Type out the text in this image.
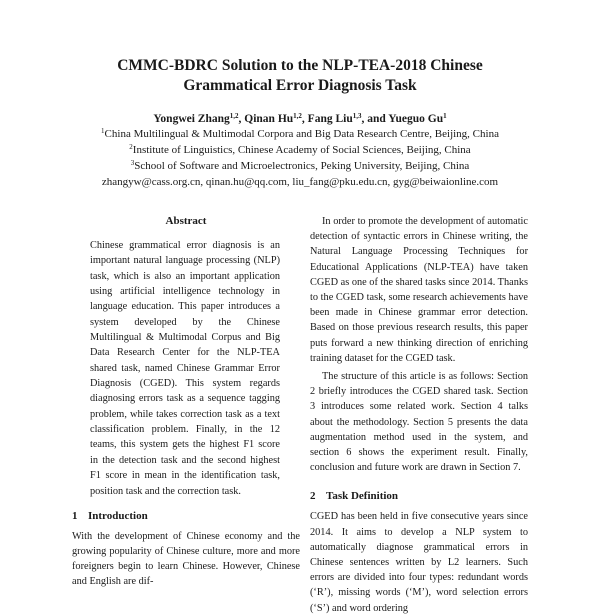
CMMC-BDRC Solution to the NLP-TEA-2018 Chinese
Grammatical Error Diagnosis Task
Yongwei Zhang$^{1,2}$, Qinan Hu$^{1,2}$, Fang Liu$^{1,3}$, and Yueguo Gu$^1$
$^1$China Multilingual & Multimodal Corpora and Big Data Research Centre, Beijing, China
$^2$Institute of Linguistics, Chinese Academy of Social Sciences, Beijing, China
$^3$School of Software and Microelectronics, Peking University, Beijing, China
zhangyw@cass.org.cn, qinan.hu@qq.com, liu_fang@pku.edu.cn, gyg@beiwaionline.com
Abstract

Chinese grammatical error diagnosis is an important natural language processing (NLP) task, which is also an important application using artificial intelligence technology in language education. This paper introduces a system developed by the Chinese Multilingual & Multimodal Corpus and Big Data Research Center for the NLP-TEA shared task, named Chinese Grammar Error Diagnosis (CGED). This system regards diagnosing errors task as a sequence tagging problem, while takes correction task as a text classification problem. Finally, in the 12 teams, this system gets the highest F1 score in the detection task and the second highest F1 score in mean in the identification task, position task and the correction task.

1 Introduction

With the development of Chinese economy and the growing popularity of Chinese culture, more and more foreigners begin to learn Chinese. However, Chinese and English are dif-

In order to promote the development of automatic detection of syntactic errors in Chinese writing, the Natural Language Processing Techniques for Educational Applications (NLP-TEA) have taken CGED as one of the shared tasks since 2014. Thanks to the CGED task, some research achievements have been made in Chinese grammar error detection. Based on those previous research results, this paper puts forward a new thinking direction of enriching training dataset for the CGED task.

The structure of this article is as follows: Section 2 briefly introduces the CGED shared task. Section 3 introduces some related work. Section 4 talks about the methodology. Section 5 presents the data augmentation method used in the system, and section 6 shows the experiment result. Finally, conclusion and future work are drawn in Section 7.

2 Task Definition

CGED has been held in five consecutive years since 2014. It aims to develop a NLP system to automatically diagnose grammatical errors in Chinese sentences written by L2 learners. Such errors are divided into four types: redundant words (‘R’), missing words (‘M’), word selection errors (‘S’) and word ordering
